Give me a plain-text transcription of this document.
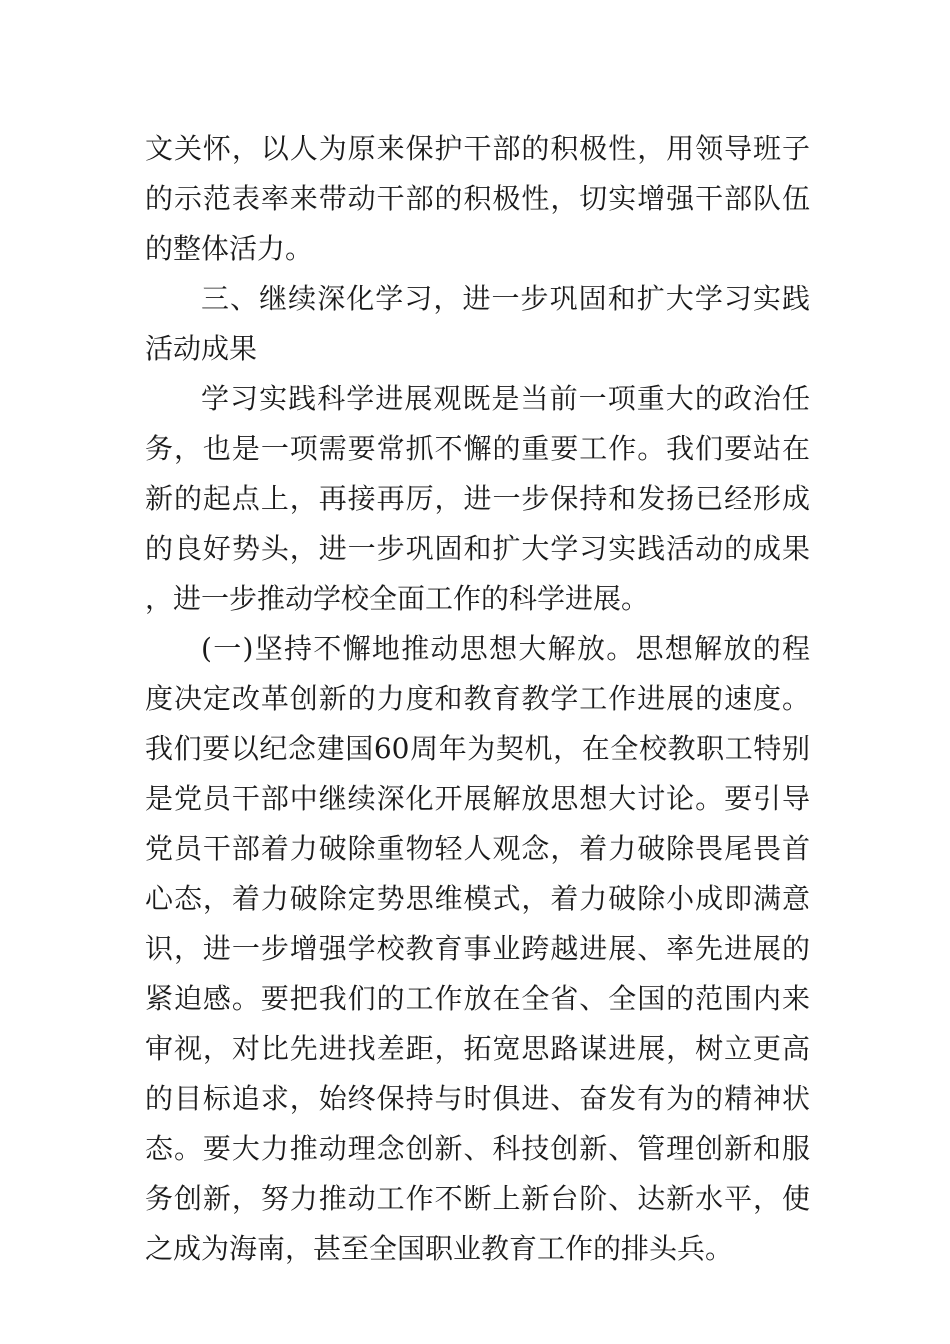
文关怀，以人为原来保护干部的积极性，用领导班子的示范表率来带动干部的积极性，切实增强干部队伍的整体活力。

三、继续深化学习，进一步巩固和扩大学习实践活动成果

学习实践科学进展观既是当前一项重大的政治任务，也是一项需要常抓不懈的重要工作。我们要站在新的起点上，再接再厉，进一步保持和发扬已经形成的良好势头，进一步巩固和扩大学习实践活动的成果，进一步推动学校全面工作的科学进展。

(一)坚持不懈地推动思想大解放。思想解放的程度决定改革创新的力度和教育教学工作进展的速度。我们要以纪念建国60周年为契机，在全校教职工特别是党员干部中继续深化开展解放思想大讨论。要引导党员干部着力破除重物轻人观念，着力破除畏尾畏首心态，着力破除定势思维模式，着力破除小成即满意识，进一步增强学校教育事业跨越进展、率先进展的紧迫感。要把我们的工作放在全省、全国的范围内来审视，对比先进找差距，拓宽思路谋进展，树立更高的目标追求，始终保持与时俱进、奋发有为的精神状态。要大力推动理念创新、科技创新、管理创新和服务创新，努力推动工作不断上新台阶、达新水平，使之成为海南，甚至全国职业教育工作的排头兵。
